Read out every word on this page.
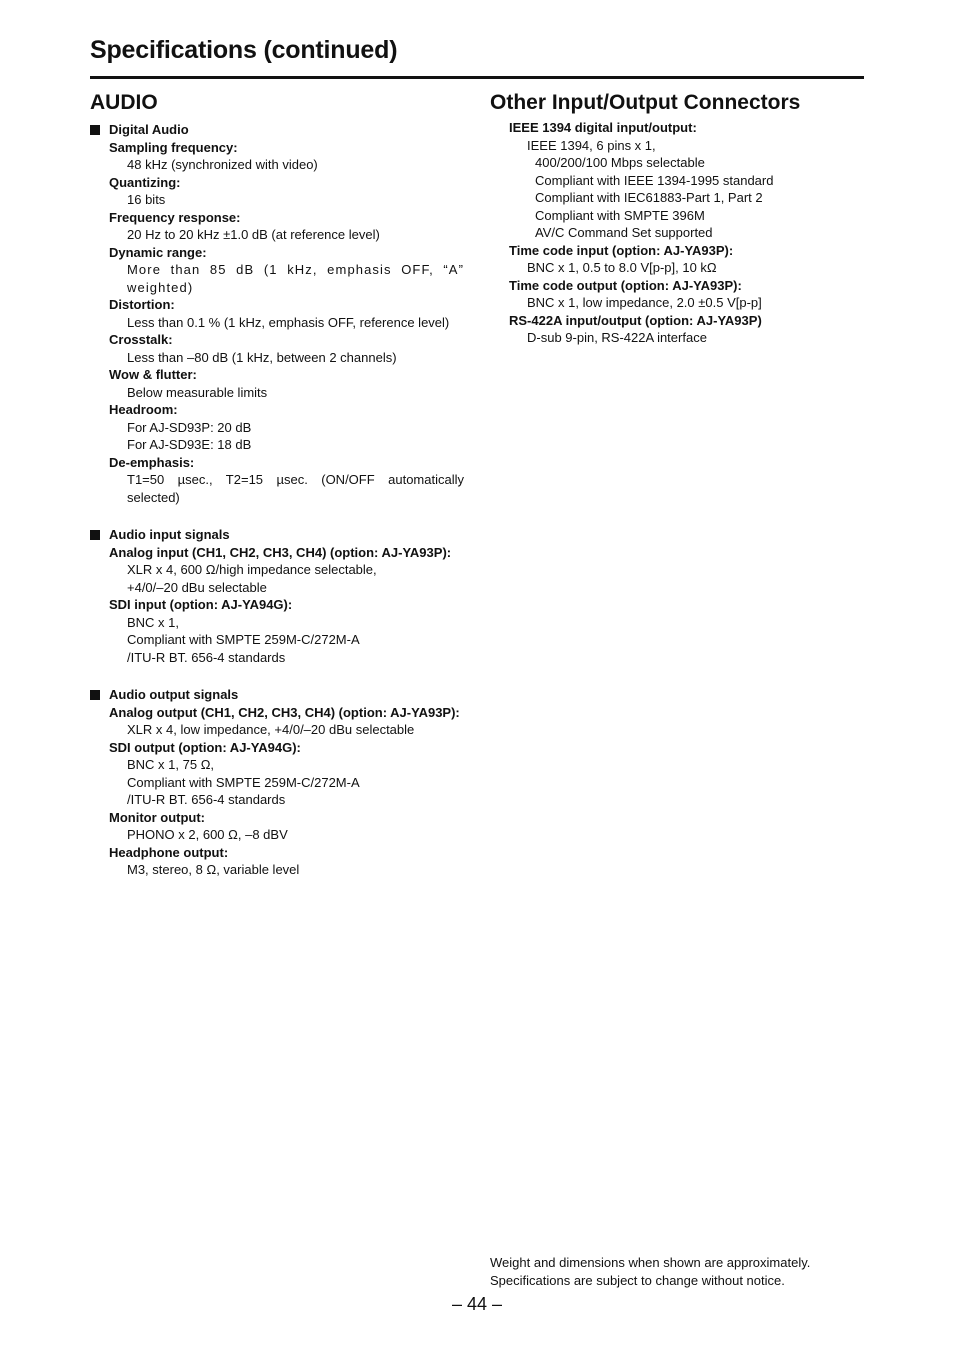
Specifications (continued)
AUDIO
Digital Audio
Sampling frequency:
48 kHz (synchronized with video)
Quantizing:
16 bits
Frequency response:
20 Hz to 20 kHz ±1.0 dB (at reference level)
Dynamic range:
More than 85 dB (1 kHz, emphasis OFF, “A” weighted)
Distortion:
Less than 0.1 % (1 kHz, emphasis OFF, reference level)
Crosstalk:
Less than –80 dB (1 kHz, between 2 channels)
Wow & flutter:
Below measurable limits
Headroom:
For AJ-SD93P: 20 dB
For AJ-SD93E: 18 dB
De-emphasis:
T1=50 µsec., T2=15 µsec. (ON/OFF automatically selected)
Audio input signals
Analog input (CH1, CH2, CH3, CH4) (option: AJ-YA93P):
XLR x 4, 600 Ω/high impedance selectable,
+4/0/–20 dBu selectable
SDI input (option: AJ-YA94G):
BNC x 1,
Compliant with SMPTE 259M-C/272M-A
/ITU-R BT. 656-4 standards
Audio output signals
Analog output (CH1, CH2, CH3, CH4) (option: AJ-YA93P):
XLR x 4, low impedance, +4/0/–20 dBu selectable
SDI output (option: AJ-YA94G):
BNC x 1, 75 Ω,
Compliant with SMPTE 259M-C/272M-A
/ITU-R BT. 656-4 standards
Monitor output:
PHONO x 2, 600 Ω, –8 dBV
Headphone output:
M3, stereo, 8 Ω, variable level
Other Input/Output Connectors
IEEE 1394 digital input/output:
IEEE 1394, 6 pins x 1,
400/200/100 Mbps selectable
Compliant with IEEE 1394-1995 standard
Compliant with IEC61883-Part 1, Part 2
Compliant with SMPTE 396M
AV/C Command Set supported
Time code input (option: AJ-YA93P):
BNC x 1, 0.5 to 8.0 V[p-p], 10 kΩ
Time code output (option: AJ-YA93P):
BNC x 1, low impedance, 2.0 ±0.5 V[p-p]
RS-422A input/output (option: AJ-YA93P)
D-sub 9-pin, RS-422A interface
Weight and dimensions when shown are approximately.
Specifications are subject to change without notice.
– 44 –
